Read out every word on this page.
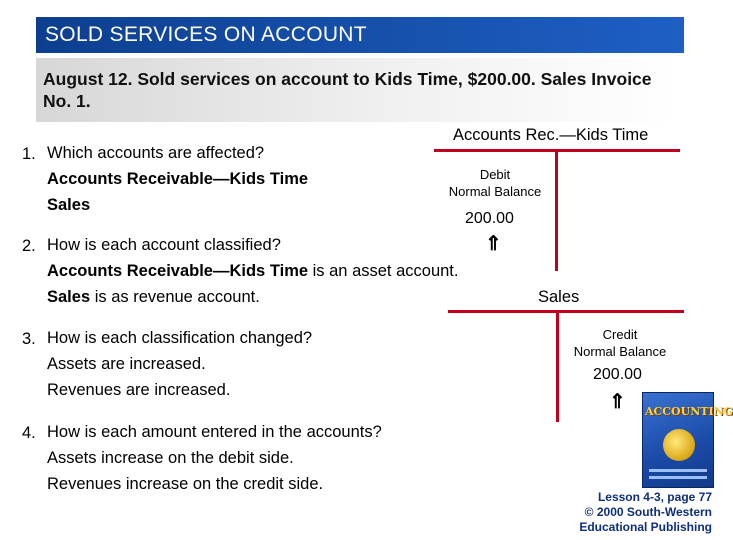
SOLD SERVICES ON ACCOUNT

August 12. Sold services on account to Kids Time, $200.00. Sales Invoice No. 1.

1. Which accounts are affected?
Accounts Receivable—Kids Time
Sales
2. How is each account classified?
Accounts Receivable—Kids Time is an asset account.
Sales is as revenue account.
3. How is each classification changed?
Assets are increased.
Revenues are increased.
4. How is each amount entered in the accounts?
Assets increase on the debit side.
Revenues increase on the credit side.
Accounts Rec.—Kids Time
Debit
Normal Balance
200.00
⇑
Sales
Credit
Normal Balance
200.00
⇑ ACCOUNTING
Lesson 4-3, page 77
© 2000 South-Western
Educational Publishing
